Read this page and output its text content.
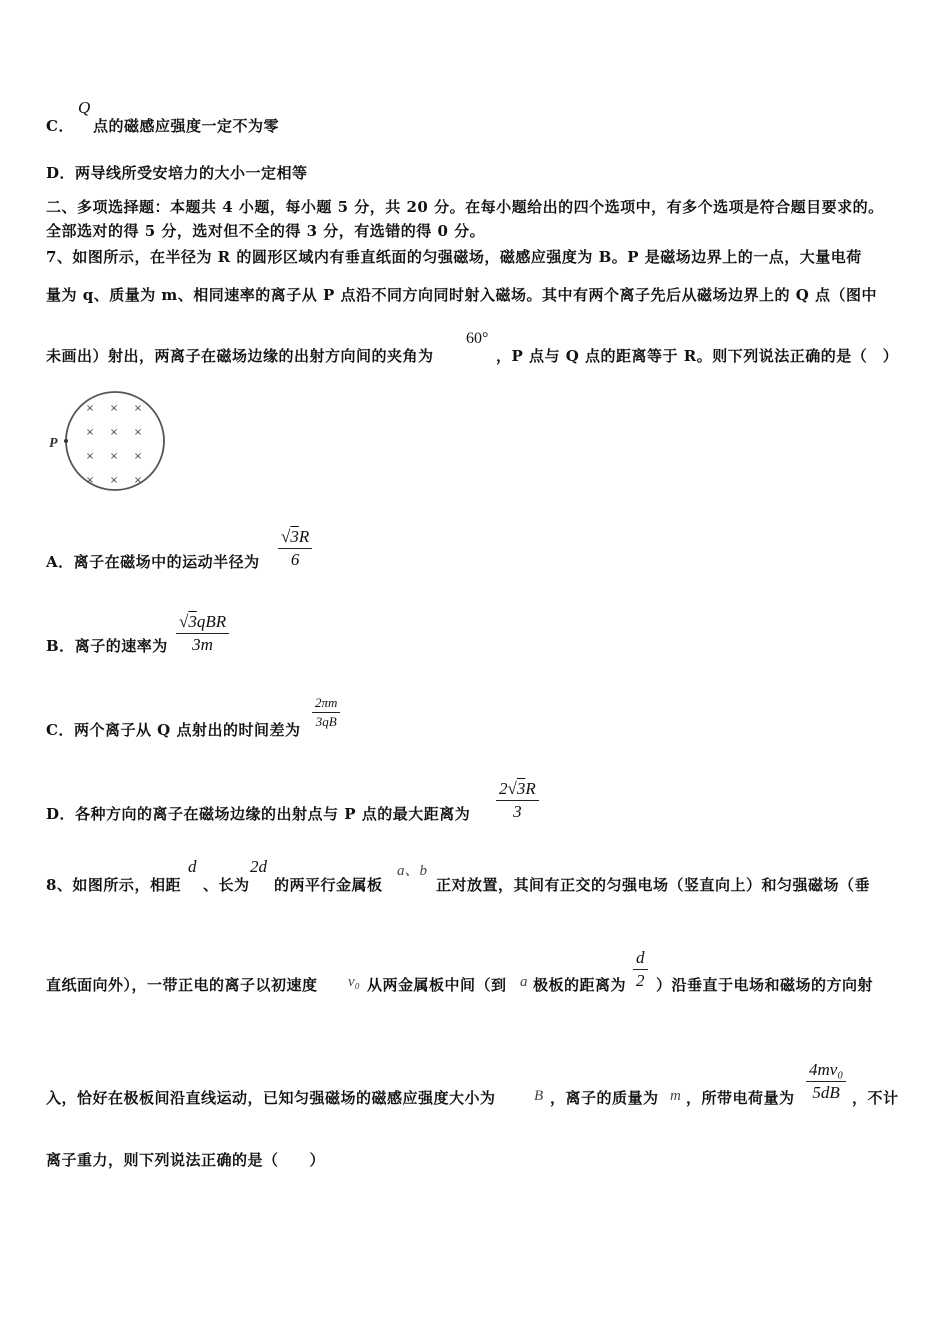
C．
Q
点的磁感应强度一定不为零
D．两导线所受安培力的大小一定相等
二、多项选择题：本题共 4 小题，每小题 5 分，共 20 分。在每小题给出的四个选项中，有多个选项是符合题目要求的。
全部选对的得 5 分，选对但不全的得 3 分，有选错的得 0 分。
7、如图所示，在半径为 R 的圆形区域内有垂直纸面的匀强磁场，磁感应强度为 B。P 是磁场边界上的一点，大量电荷
量为 q、质量为 m、相同速率的离子从 P 点沿不同方向同时射入磁场。其中有两个离子先后从磁场边界上的 Q 点（图中
未画出）射出，两离子在磁场边缘的出射方向间的夹角为
60°
，P 点与 Q 点的距离等于 R。则下列说法正确的是（　）
× × ×
× × ×
× × ×
× × ×
P
A．离子在磁场中的运动半径为 $\frac{√3R}{6}$
B．离子的速率为
√3qBR
3m
C．两个离子从 Q 点射出的时间差为 $\frac{2\pi m}{3qB}$
D．各种方向的离子在磁场边缘的出射点与 P 点的最大距离为 $\frac{2√3R}{3}$
8、如图所示，相距
d
、长为
2d
的两平行金属板
a、b
正对放置，其间有正交的匀强电场（竖直向上）和匀强磁场（垂
直纸面向外），一带正电的离子以初速度 v₀ 从两金属板中间（到 a 极板的距离为 $\frac{d}{2}$ ）沿垂直于电场和磁场的方向射
入，恰好在极板间沿直线运动，已知匀强磁场的磁感应强度大小为	B ，离子的质量为 m ，所带电荷量为 $\frac{\text{4mv₀}}{5dB}$ ，不计
离子重力，则下列说法正确的是（　　）
